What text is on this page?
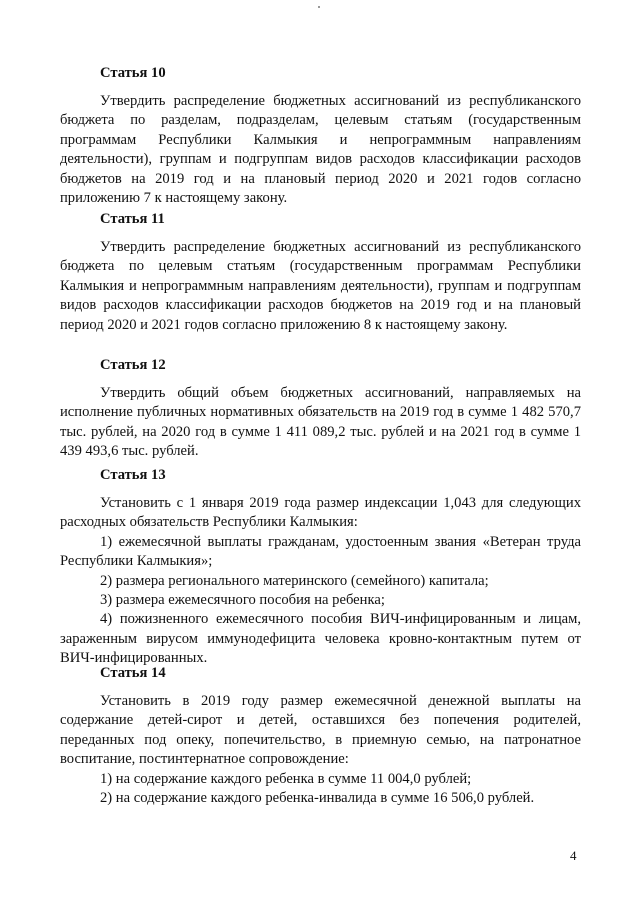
Статья 10

Утвердить распределение бюджетных ассигнований из республиканского бюджета по разделам, подразделам, целевым статьям (государственным программам Республики Калмыкия и непрограммным направлениям деятельности), группам и подгруппам видов расходов классификации расходов бюджетов на 2019 год и на плановый период 2020 и 2021 годов согласно приложению 7 к настоящему закону.

Статья 11

Утвердить распределение бюджетных ассигнований из республиканского бюджета по целевым статьям (государственным программам Республики Калмыкия и непрограммным направлениям деятельности), группам и подгруппам видов расходов классификации расходов бюджетов на 2019 год и на плановый период 2020 и 2021 годов согласно приложению 8 к настоящему закону.

Статья 12

Утвердить общий объем бюджетных ассигнований, направляемых на исполнение публичных нормативных обязательств на 2019 год в сумме 1 482 570,7 тыс. рублей, на 2020 год в сумме 1 411 089,2 тыс. рублей и на 2021 год в сумме 1 439 493,6 тыс. рублей.

Статья 13

Установить с 1 января 2019 года размер индексации 1,043 для следующих расходных обязательств Республики Калмыкия:

1) ежемесячной выплаты гражданам, удостоенным звания «Ветеран труда Республики Калмыкия»;

2) размера регионального материнского (семейного) капитала;

3) размера ежемесячного пособия на ребенка;

4) пожизненного ежемесячного пособия ВИЧ-инфицированным и лицам, зараженным вирусом иммунодефицита человека кровно-контактным путем от ВИЧ-инфицированных.

Статья 14

Установить в 2019 году размер ежемесячной денежной выплаты на содержание детей-сирот и детей, оставшихся без попечения родителей, переданных под опеку, попечительство, в приемную семью, на патронатное воспитание, постинтернатное сопровождение:

1) на содержание каждого ребенка в сумме 11 004,0 рублей;

2) на содержание каждого ребенка-инвалида в сумме 16 506,0 рублей.

4
